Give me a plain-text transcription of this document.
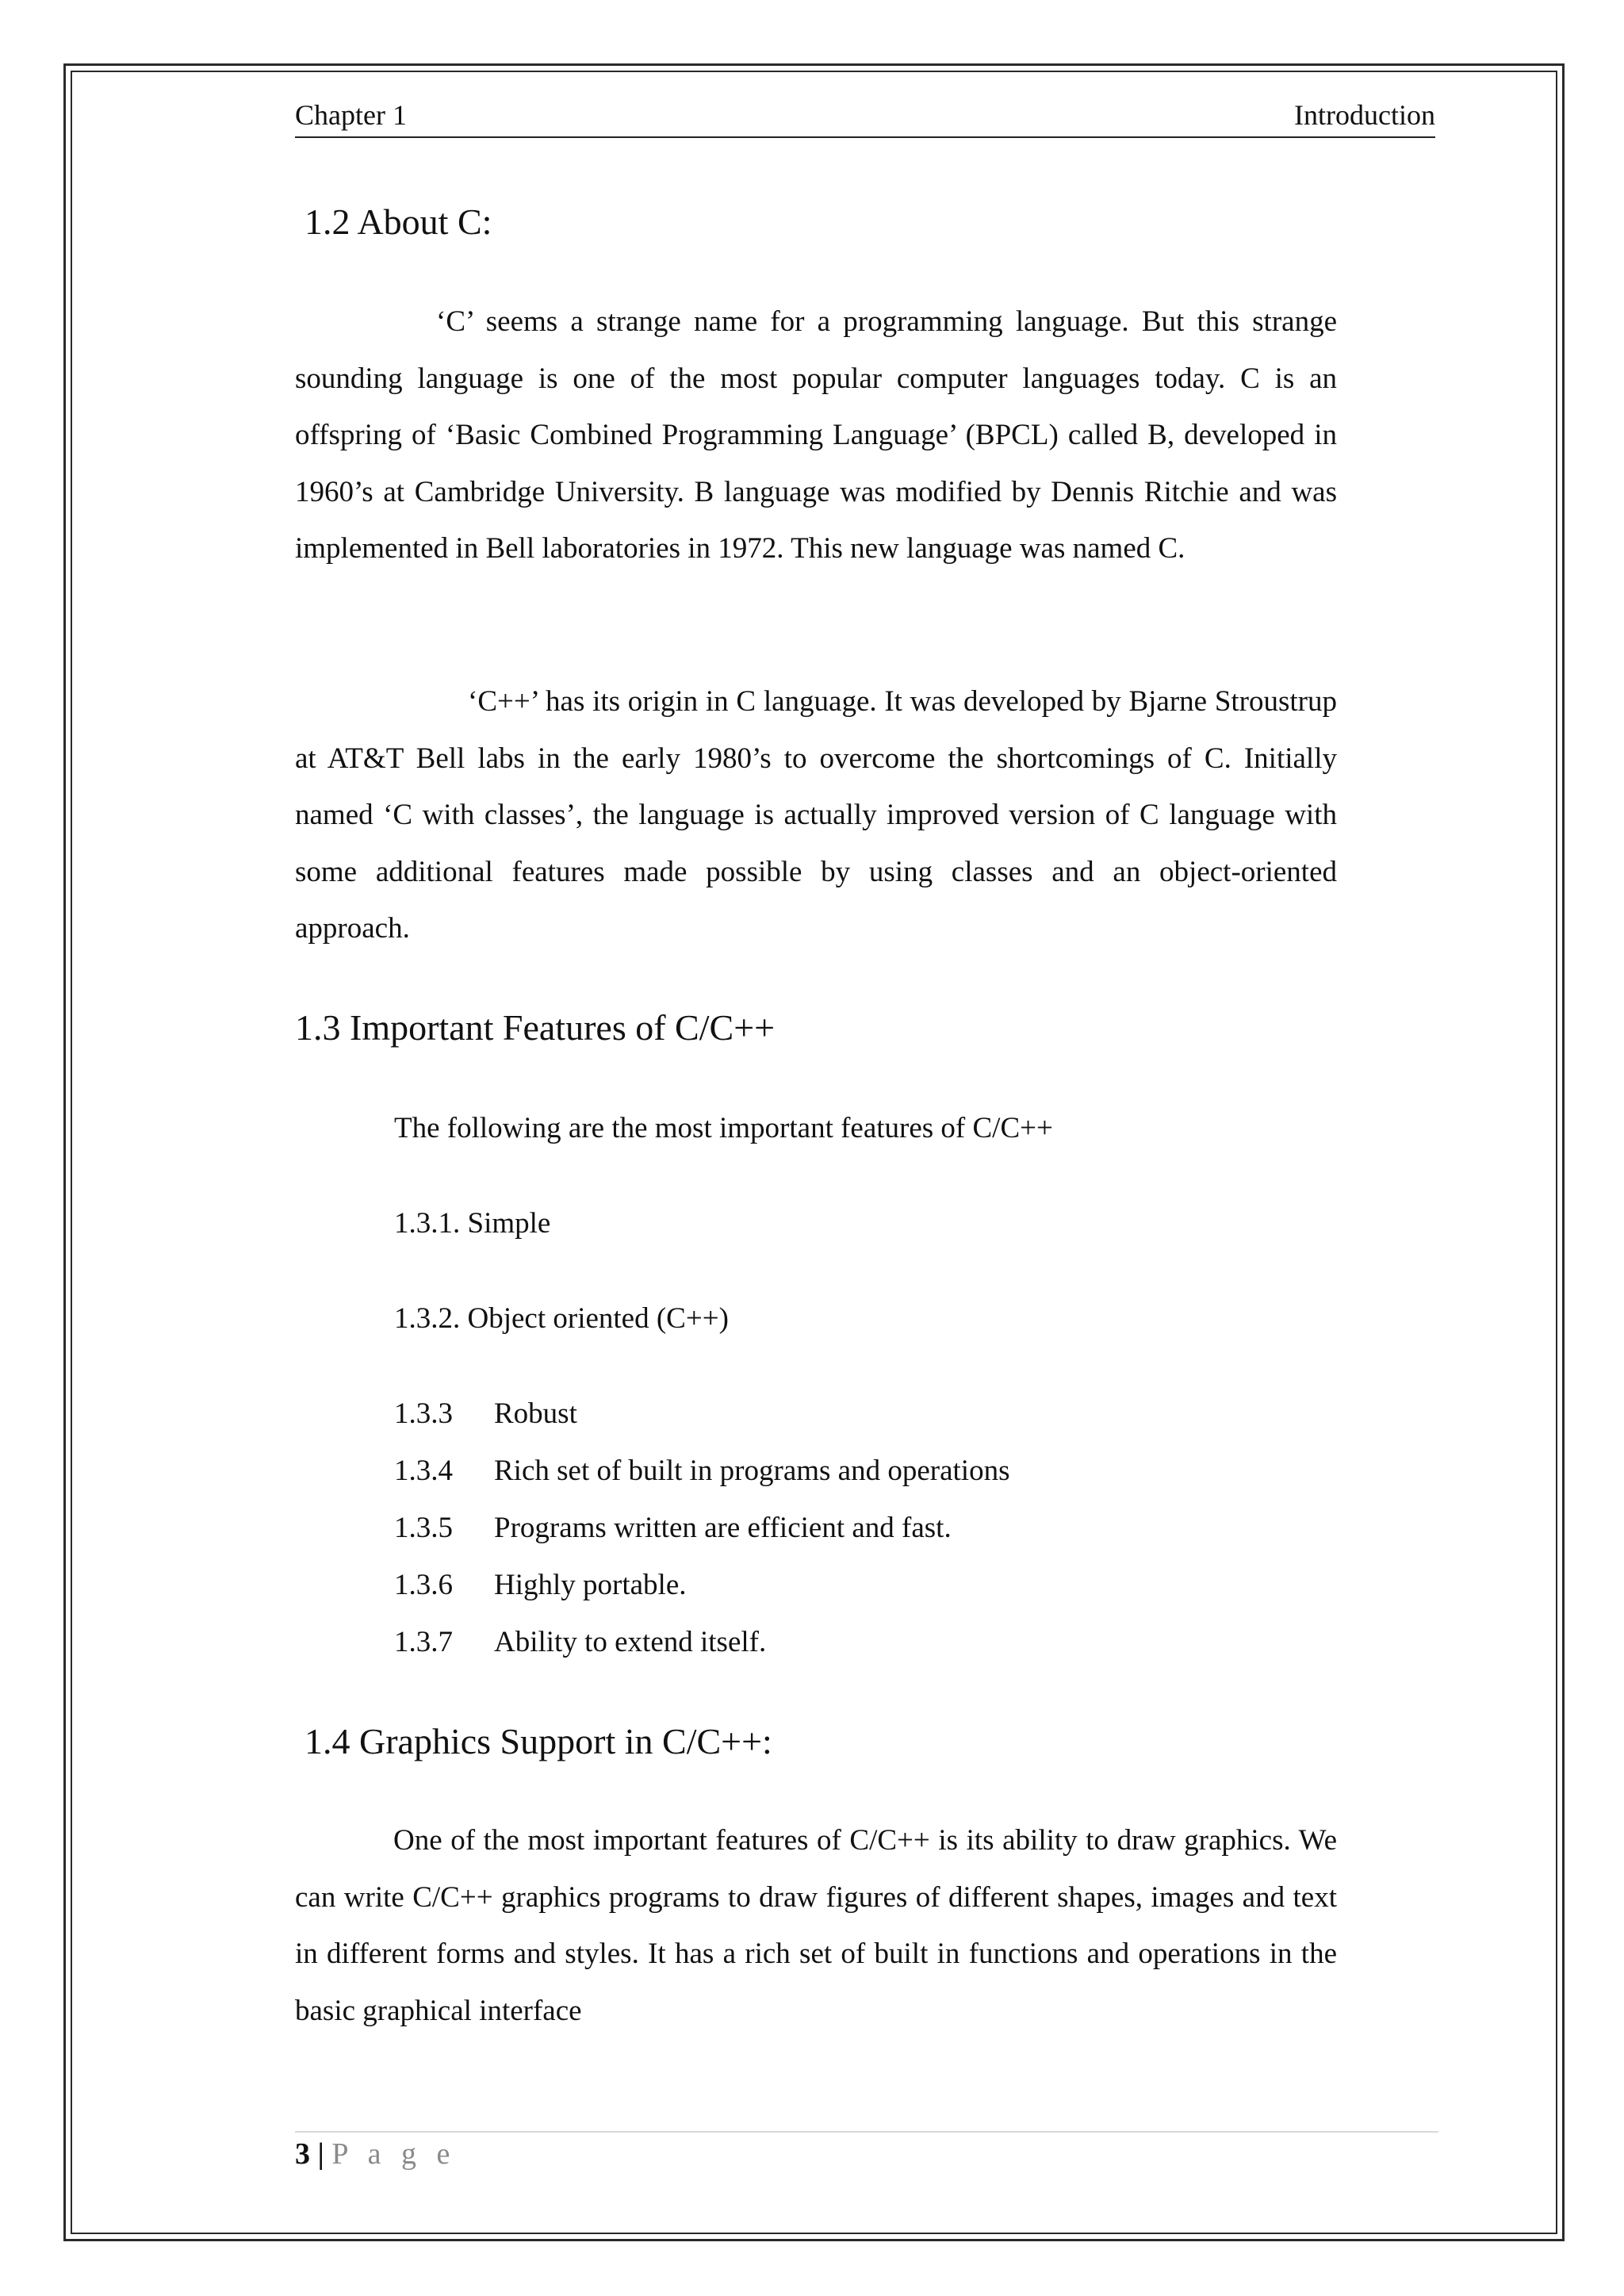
Chapter 1	Introduction
1.2 About C:

‘C’ seems a strange name for a programming language. But this strange sounding language is one of the most popular computer languages today. C is an offspring of ‘Basic Combined Programming Language’ (BPCL) called B, developed in 1960’s at Cambridge University. B language was modified by Dennis Ritchie and was implemented in Bell laboratories in 1972. This new language was named C.

‘C++’ has its origin in C language. It was developed by Bjarne Stroustrup at AT&T Bell labs in the early 1980’s to overcome the shortcomings of C. Initially named ‘C with classes’, the language is actually improved version of C language with some additional features made possible by using classes and an object-oriented approach.

1.3 Important Features of C/C++
The following are the most important features of C/C++
1.3.1. Simple
1.3.2. Object oriented (C++)
1.3.3 Robust
1.3.4 Rich set of built in programs and operations
1.3.5 Programs written are efficient and fast.
1.3.6 Highly portable.
1.3.7 Ability to extend itself.
1.4 Graphics Support in C/C++:

One of the most important features of C/C++ is its ability to draw graphics. We can write C/C++ graphics programs to draw figures of different shapes, images and text in different forms and styles. It has a rich set of built in functions and operations in the basic graphical interface

3 | P a g e
